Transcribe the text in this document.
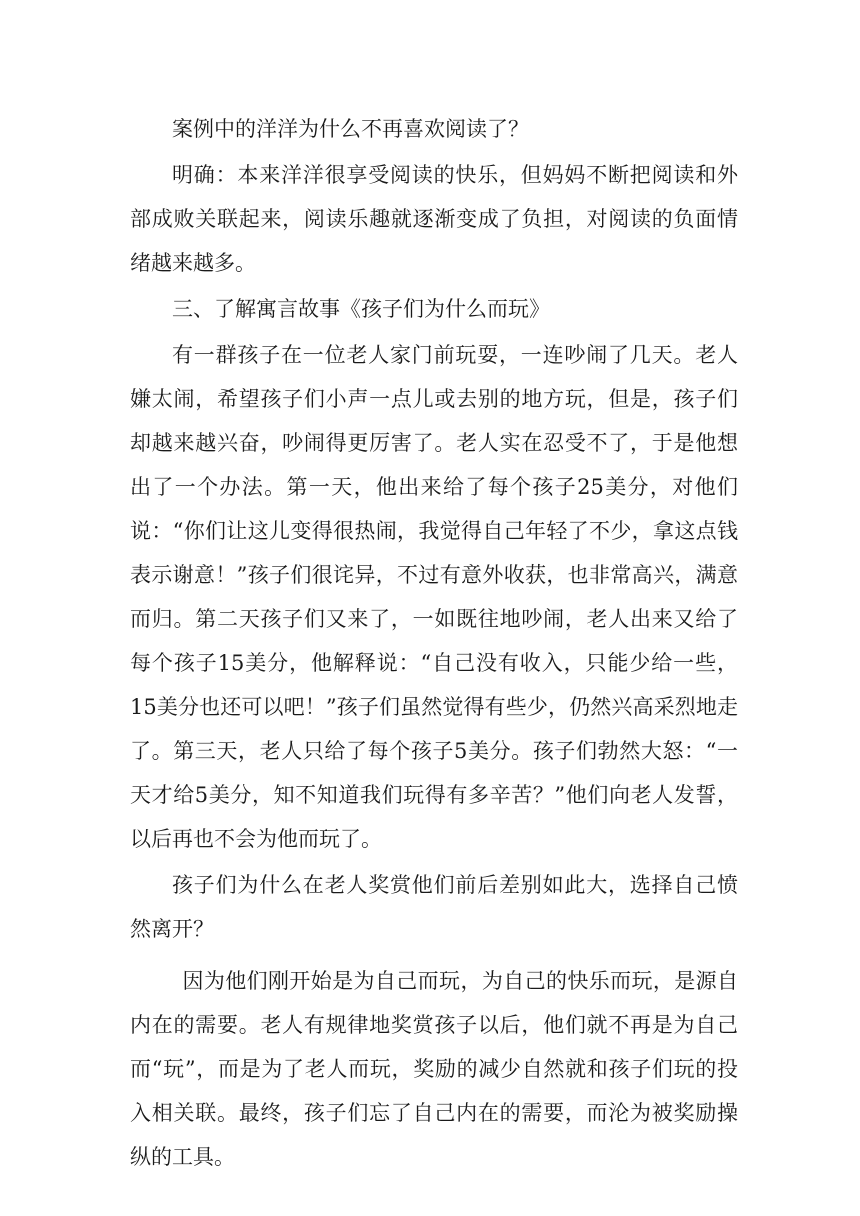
案例中的洋洋为什么不再喜欢阅读了？

明确：本来洋洋很享受阅读的快乐，但妈妈不断把阅读和外部成败关联起来，阅读乐趣就逐渐变成了负担，对阅读的负面情绪越来越多。

三、了解寓言故事《孩子们为什么而玩》

有一群孩子在一位老人家门前玩耍，一连吵闹了几天。老人嫌太闹，希望孩子们小声一点儿或去别的地方玩，但是，孩子们却越来越兴奋，吵闹得更厉害了。老人实在忍受不了，于是他想出了一个办法。第一天，他出来给了每个孩子25美分，对他们说：“你们让这儿变得很热闹，我觉得自己年轻了不少，拿这点钱表示谢意！”孩子们很诧异，不过有意外收获，也非常高兴，满意而归。第二天孩子们又来了，一如既往地吵闹，老人出来又给了每个孩子15美分，他解释说：“自己没有收入，只能少给一些，15美分也还可以吧！”孩子们虽然觉得有些少，仍然兴高采烈地走了。第三天，老人只给了每个孩子5美分。孩子们勃然大怒：“一天才给5美分，知不知道我们玩得有多辛苦？”他们向老人发誓，以后再也不会为他而玩了。

孩子们为什么在老人奖赏他们前后差别如此大，选择自己愤然离开？

因为他们刚开始是为自己而玩，为自己的快乐而玩，是源自内在的需要。老人有规律地奖赏孩子以后，他们就不再是为自己而“玩”，而是为了老人而玩，奖励的减少自然就和孩子们玩的投入相关联。最终，孩子们忘了自己内在的需要，而沦为被奖励操纵的工具。
